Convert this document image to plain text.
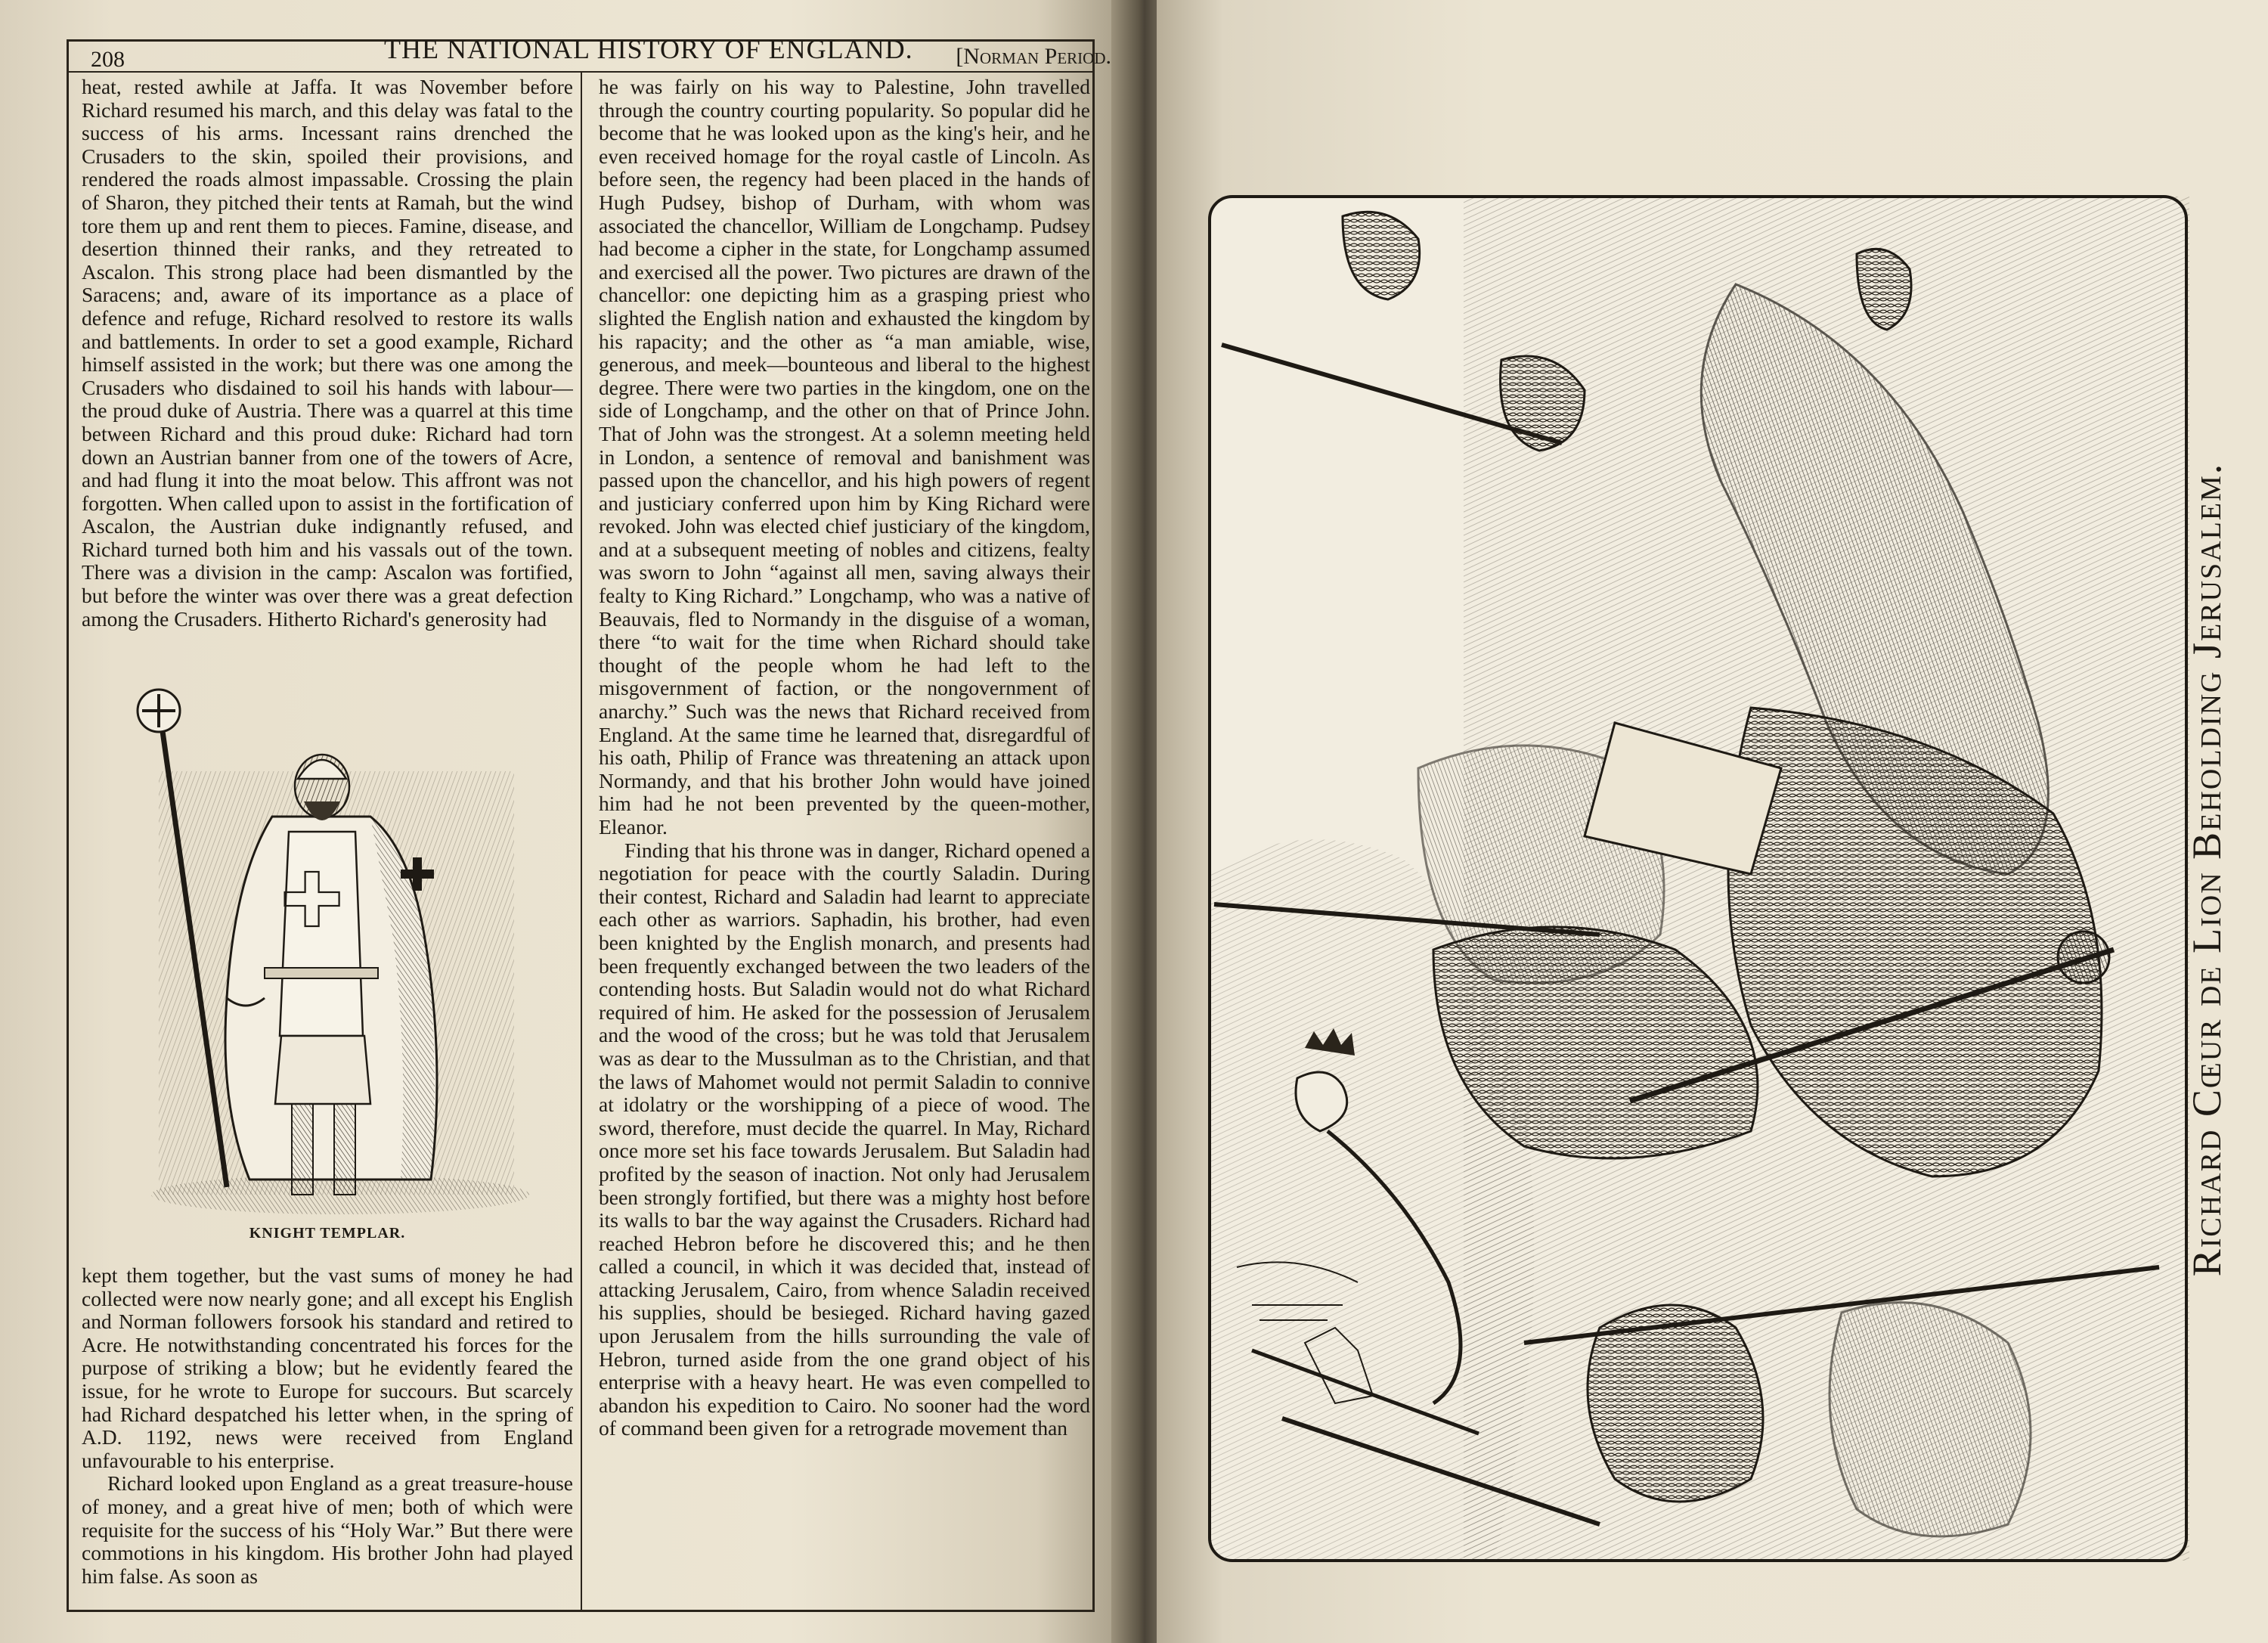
208	THE NATIONAL HISTORY OF ENGLAND. [Norman Period.

heat, rested awhile at Jaffa. It was November before Richard resumed his march, and this delay was fatal to the success of his arms. Incessant rains drenched the Crusaders to the skin, spoiled their provisions, and rendered the roads almost impassable. Crossing the plain of Sharon, they pitched their tents at Ramah, but the wind tore them up and rent them to pieces. Famine, disease, and desertion thinned their ranks, and they retreated to Ascalon. This strong place had been dismantled by the Saracens; and, aware of its importance as a place of defence and refuge, Richard resolved to restore its walls and battlements. In order to set a good example, Richard himself assisted in the work; but there was one among the Crusaders who disdained to soil his hands with labour—the proud duke of Austria. There was a quarrel at this time between Richard and this proud duke: Richard had torn down an Austrian banner from one of the towers of Acre, and had flung it into the moat below. This affront was not forgotten. When called upon to assist in the fortification of Ascalon, the Austrian duke indignantly refused, and Richard turned both him and his vassals out of the town. There was a division in the camp: Ascalon was fortified, but before the winter was over there was a great defection among the Crusaders. Hitherto Richard's generosity had

KNIGHT TEMPLAR.

kept them together, but the vast sums of money he had collected were now nearly gone; and all except his English and Norman followers forsook his standard and retired to Acre. He notwithstanding concentrated his forces for the purpose of striking a blow; but he evidently feared the issue, for he wrote to Europe for succours. But scarcely had Richard despatched his letter when, in the spring of A.D. 1192, news were received from England unfavourable to his enterprise.

Richard looked upon England as a great treasure-house of money, and a great hive of men; both of which were requisite for the success of his “Holy War.” But there were commotions in his kingdom. His brother John had played him false. As soon as

he was fairly on his way to Palestine, John travelled through the country courting popularity. So popular did he become that he was looked upon as the king's heir, and he even received homage for the royal castle of Lincoln. As before seen, the regency had been placed in the hands of Hugh Pudsey, bishop of Durham, with whom was associated the chancellor, William de Longchamp. Pudsey had become a cipher in the state, for Longchamp assumed and exercised all the power. Two pictures are drawn of the chancellor: one depicting him as a grasping priest who slighted the English nation and exhausted the kingdom by his rapacity; and the other as “a man amiable, wise, generous, and meek—bounteous and liberal to the highest degree. There were two parties in the kingdom, one on the side of Longchamp, and the other on that of Prince John. That of John was the strongest. At a solemn meeting held in London, a sentence of removal and banishment was passed upon the chancellor, and his high powers of regent and justiciary conferred upon him by King Richard were revoked. John was elected chief justiciary of the kingdom, and at a subsequent meeting of nobles and citizens, fealty was sworn to John “against all men, saving always their fealty to King Richard.” Longchamp, who was a native of Beauvais, fled to Normandy in the disguise of a woman, there “to wait for the time when Richard should take thought of the people whom he had left to the misgovernment of faction, or the nongovernment of anarchy.” Such was the news that Richard received from England. At the same time he learned that, disregardful of his oath, Philip of France was threatening an attack upon Normandy, and that his brother John would have joined him had he not been prevented by the queen-mother, Eleanor.

Finding that his throne was in danger, Richard opened a negotiation for peace with the courtly Saladin. During their contest, Richard and Saladin had learnt to appreciate each other as warriors. Saphadin, his brother, had even been knighted by the English monarch, and presents had been frequently exchanged between the two leaders of the contending hosts. But Saladin would not do what Richard required of him. He asked for the possession of Jerusalem and the wood of the cross; but he was told that Jerusalem was as dear to the Mussulman as to the Christian, and that the laws of Mahomet would not permit Saladin to connive at idolatry or the worshipping of a piece of wood. The sword, therefore, must decide the quarrel. In May, Richard once more set his face towards Jerusalem. But Saladin had profited by the season of inaction. Not only had Jerusalem been strongly fortified, but there was a mighty host before its walls to bar the way against the Crusaders. Richard had reached Hebron before he discovered this; and he then called a council, in which it was decided that, instead of attacking Jerusalem, Cairo, from whence Saladin received his supplies, should be besieged. Richard having gazed upon Jerusalem from the hills surrounding the vale of Hebron, turned aside from the one grand object of his enterprise with a heavy heart. He was even compelled to abandon his expedition to Cairo. No sooner had the word of command been given for a retrograde movement than

Richard Cœur de Lion Beholding Jerusalem.
